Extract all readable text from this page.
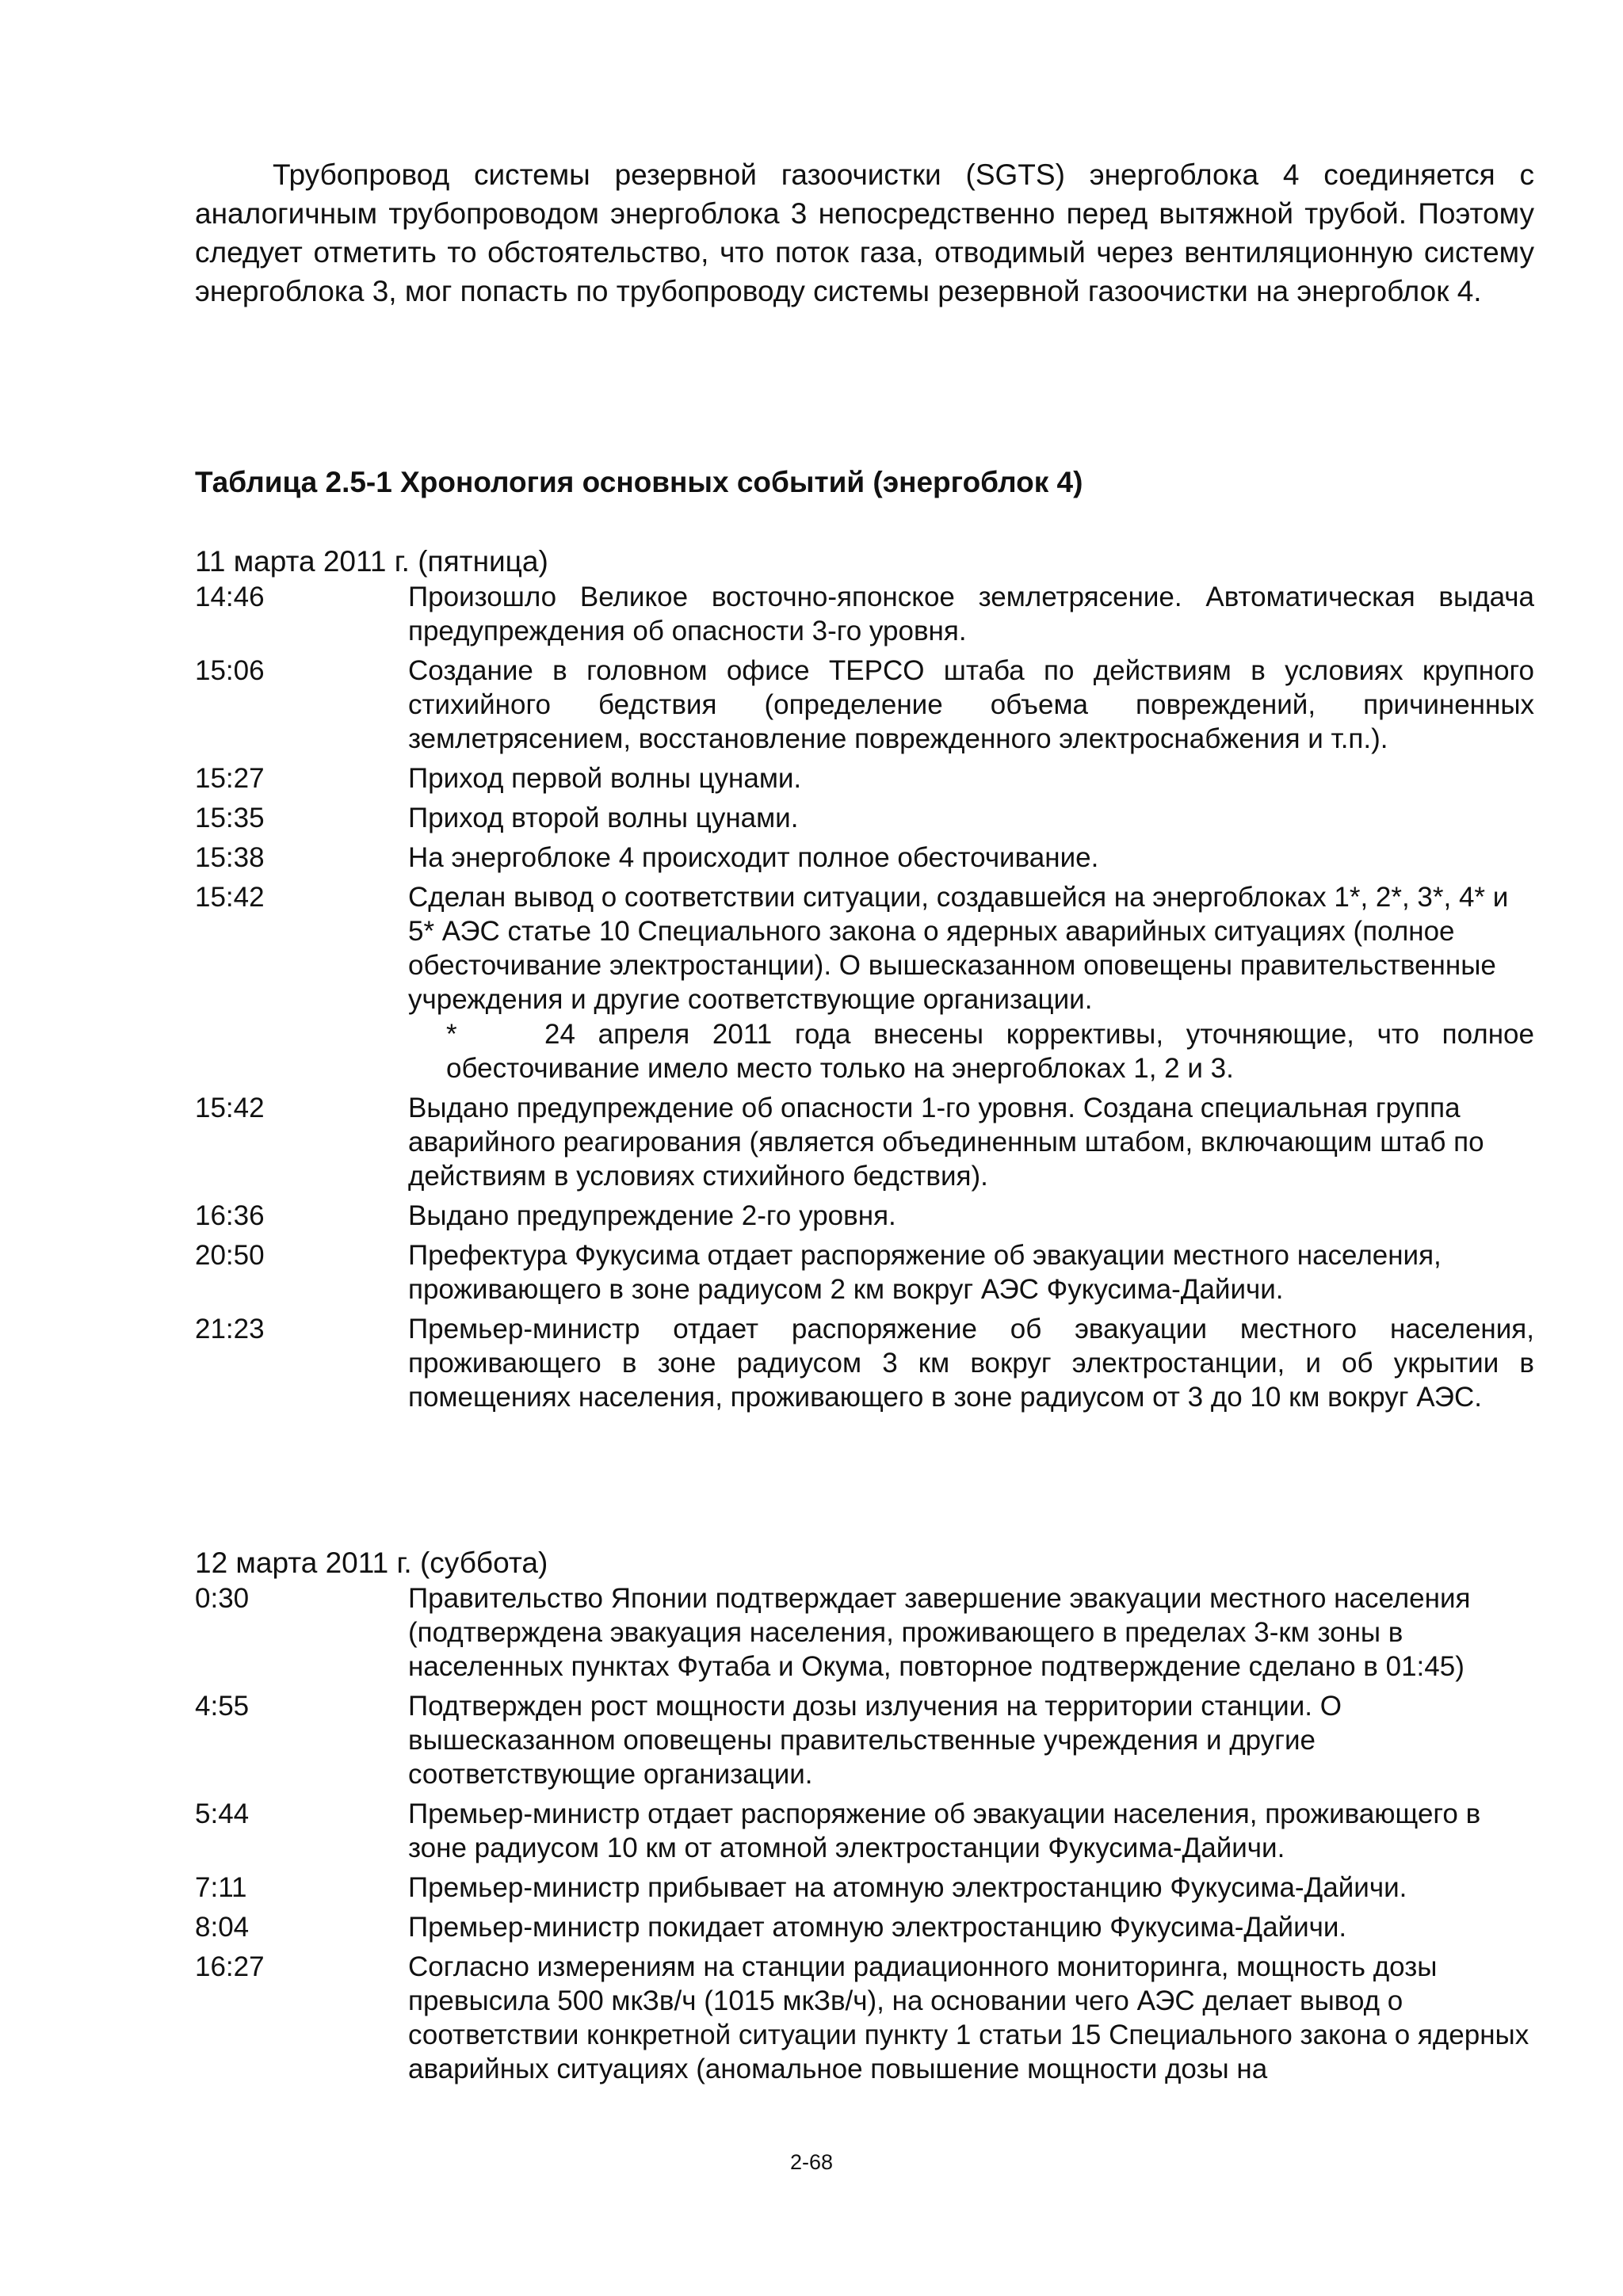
Трубопровод системы резервной газоочистки (SGTS) энергоблока 4 соединяется с аналогичным трубопроводом энергоблока 3 непосредственно перед вытяжной трубой. Поэтому следует отметить то обстоятельство, что поток газа, отводимый через вентиляционную систему энергоблока 3, мог попасть по трубопроводу системы резервной газоочистки на энергоблок 4.

Таблица 2.5-1 Хронология основных событий (энергоблок 4)

11 марта 2011 г. (пятница)
14:46	Произошло Великое восточно-японское землетрясение. Автоматическая выдача предупреждения об опасности 3-го уровня.
15:06	Создание в головном офисе TEPCO штаба по действиям в условиях крупного стихийного бедствия (определение объема повреждений, причиненных землетрясением, восстановление поврежденного электроснабжения и т.п.).
15:27	Приход первой волны цунами.
15:35	Приход второй волны цунами.
15:38	На энергоблоке 4 происходит полное обесточивание.
15:42	Сделан вывод о соответствии ситуации, создавшейся на энергоблоках 1*, 2*, 3*, 4* и 5* АЭС статье 10 Специального закона о ядерных аварийных ситуациях (полное обесточивание электростанции). О вышесказанном оповещены правительственные учреждения и другие соответствующие организации.
*	24 апреля 2011 года внесены коррективы, уточняющие, что полное обесточивание имело место только на энергоблоках 1, 2 и 3.
15:42	Выдано предупреждение об опасности 1-го уровня. Создана специальная группа аварийного реагирования (является объединенным штабом, включающим штаб по действиям в условиях стихийного бедствия).
16:36	Выдано предупреждение 2-го уровня.
20:50	Префектура Фукусима отдает распоряжение об эвакуации местного населения, проживающего в зоне радиусом 2 км вокруг АЭС Фукусима-Дайичи.
21:23	Премьер-министр отдает распоряжение об эвакуации местного населения, проживающего в зоне радиусом 3 км вокруг электростанции, и об укрытии в помещениях населения, проживающего в зоне радиусом от 3 до 10 км вокруг АЭС.
12 марта 2011 г. (суббота)
0:30	Правительство Японии подтверждает завершение эвакуации местного населения (подтверждена эвакуация населения, проживающего в пределах 3-км зоны в населенных пунктах Футаба и Окума, повторное подтверждение сделано в 01:45)
4:55	Подтвержден рост мощности дозы излучения на территории станции. О вышесказанном оповещены правительственные учреждения и другие соответствующие организации.
5:44	Премьер-министр отдает распоряжение об эвакуации населения, проживающего в зоне радиусом 10 км от атомной электростанции Фукусима-Дайичи.
7:11	Премьер-министр прибывает на атомную электростанцию Фукусима-Дайичи.
8:04	Премьер-министр покидает атомную электростанцию Фукусима-Дайичи.
16:27	Согласно измерениям на станции радиационного мониторинга, мощность дозы превысила 500 мкЗв/ч (1015 мкЗв/ч), на основании чего АЭС делает вывод о соответствии конкретной ситуации пункту 1 статьи 15 Специального закона о ядерных аварийных ситуациях (аномальное повышение мощности дозы на

2-68
